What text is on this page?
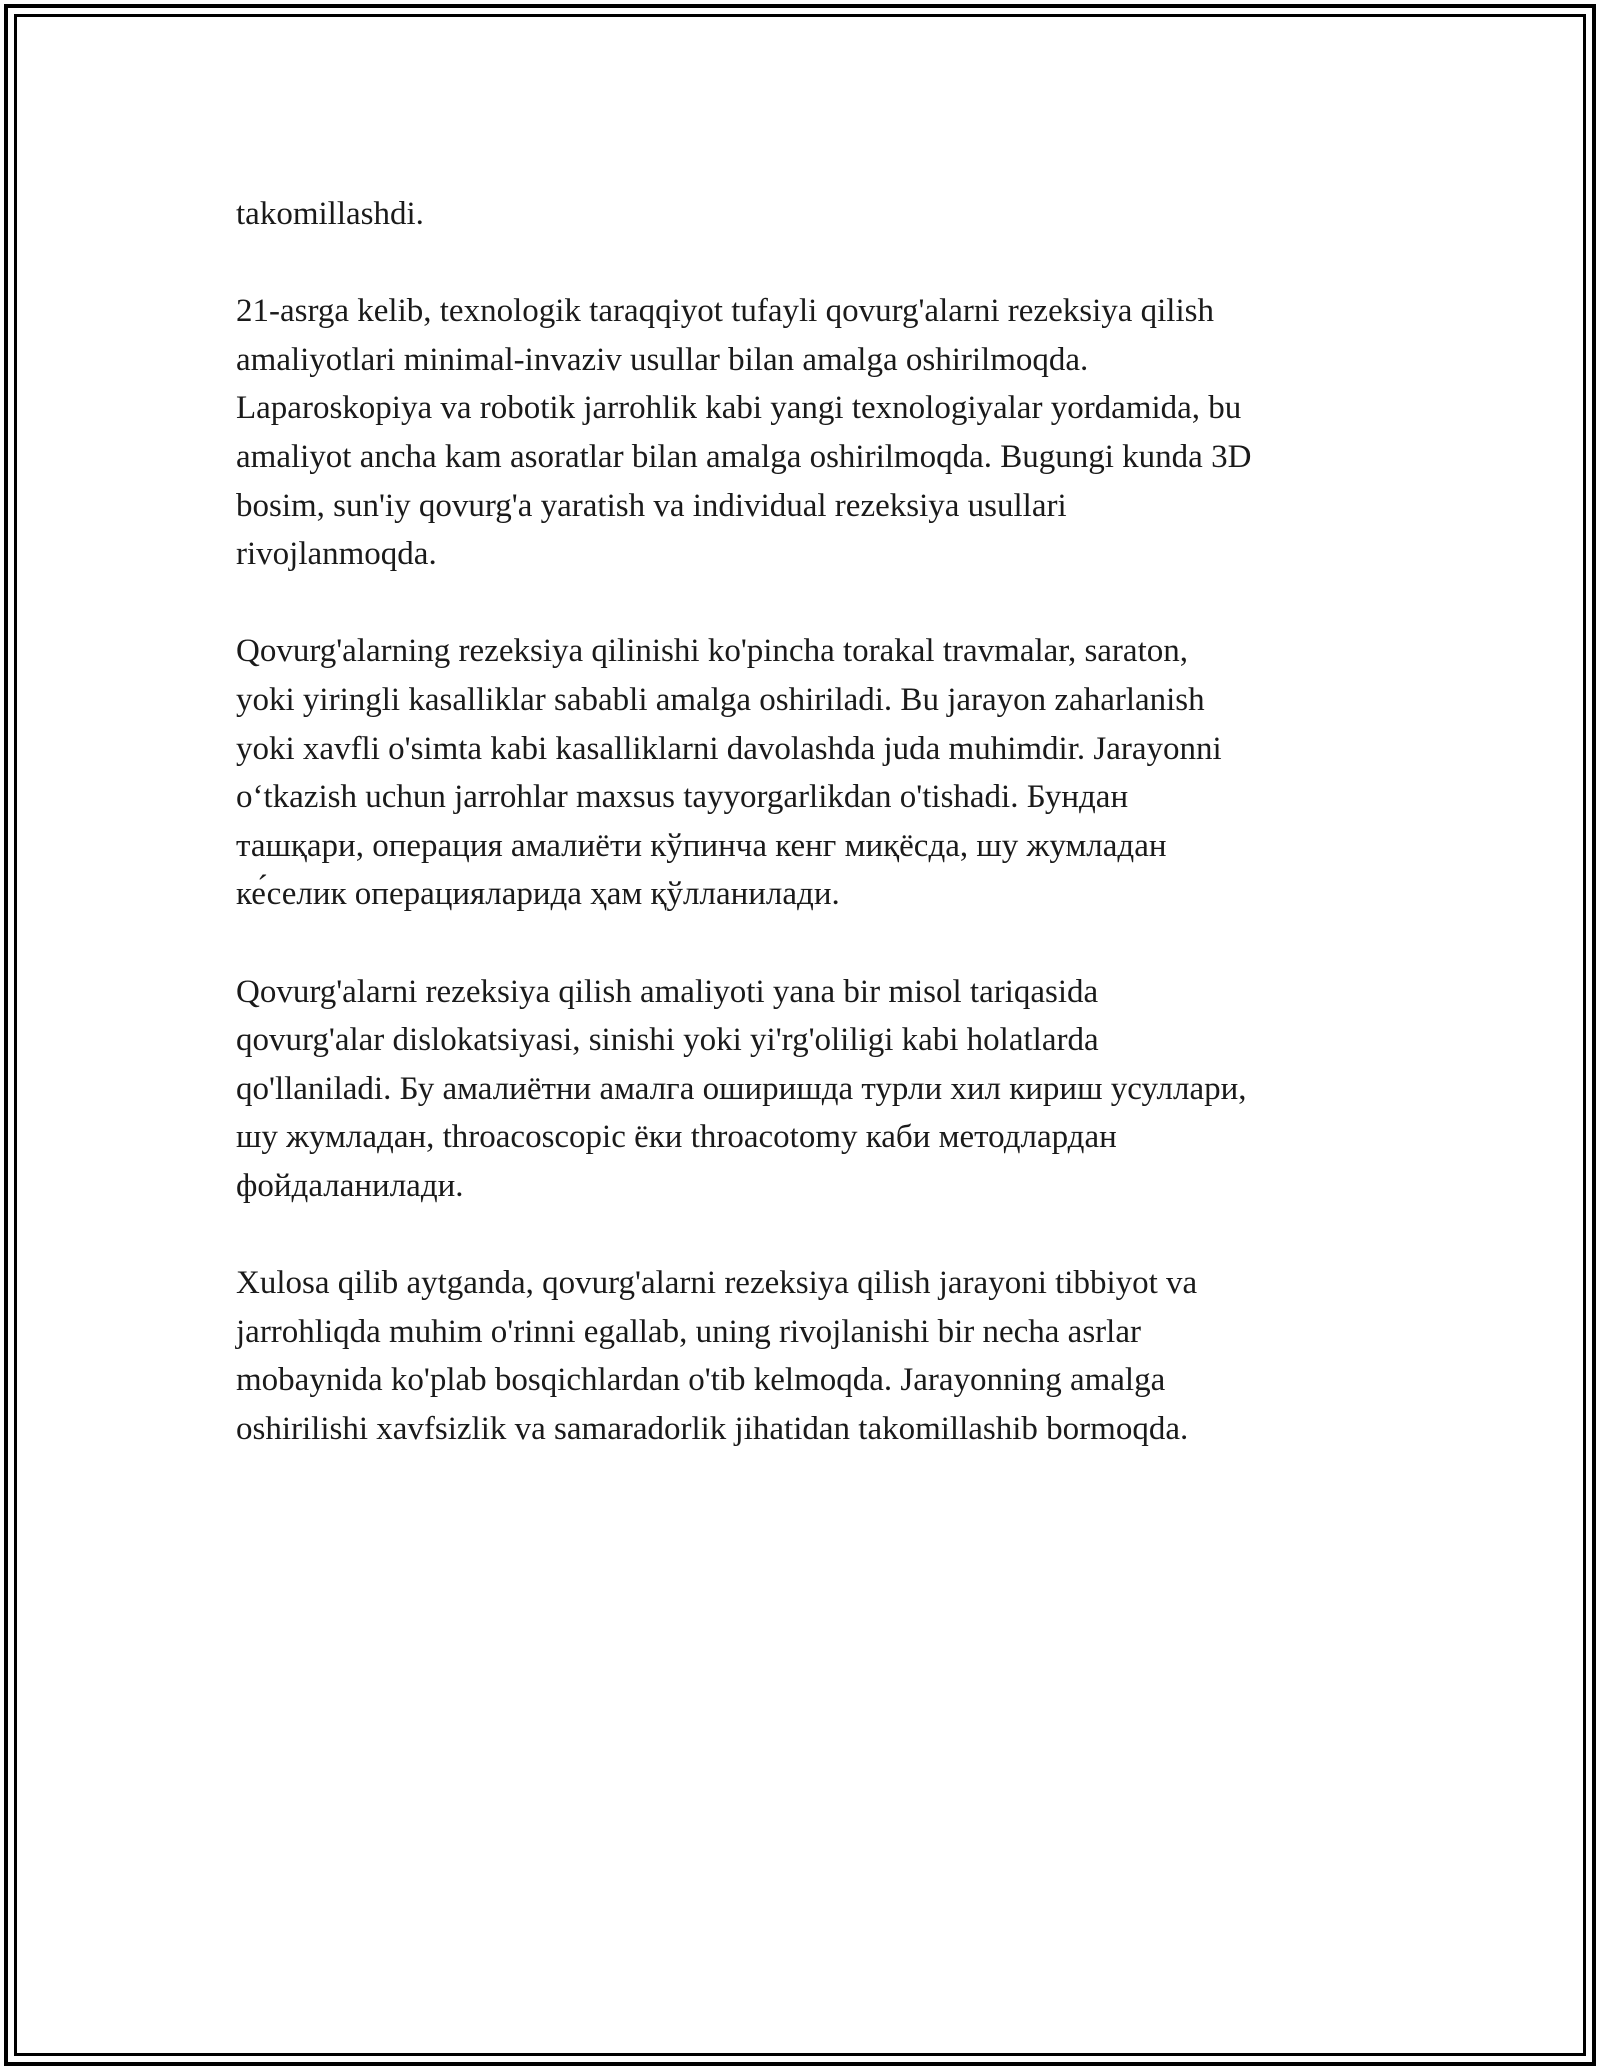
takomillashdi.

21-asrga kelib, texnologik taraqqiyot tufayli qovurg'alarni rezeksiya qilish
amaliyotlari minimal-invaziv usullar bilan amalga oshirilmoqda.
Laparoskopiya va robotik jarrohlik kabi yangi texnologiyalar yordamida, bu
amaliyot ancha kam asoratlar bilan amalga oshirilmoqda. Bugungi kunda 3D
bosim, sun'iy qovurg'a yaratish va individual rezeksiya usullari
rivojlanmoqda.

Qovurg'alarning rezeksiya qilinishi ko'pincha torakal travmalar, saraton,
yoki yiringli kasalliklar sababli amalga oshiriladi. Bu jarayon zaharlanish
yoki xavfli o'simta kabi kasalliklarni davolashda juda muhimdir. Jarayonni
oʻtkazish uchun jarrohlar maxsus tayyorgarlikdan o'tishadi. Бундан
ташқари, операция амалиёти кўпинча кенг миқёсда, шу жумладан
ке́селик операцияларида ҳам қўлланилади.

Qovurg'alarni rezeksiya qilish amaliyoti yana bir misol tariqasida
qovurg'alar dislokatsiyasi, sinishi yoki yi'rg'oliligi kabi holatlarda
qo'llaniladi. Бу амалиётни амалга оширишда турли хил кириш усуллари,
шу жумладан, throacoscopic ёки throacotomy каби методлардан
фойдаланилади.

Xulosa qilib aytganda, qovurg'alarni rezeksiya qilish jarayoni tibbiyot va
jarrohliqda muhim o'rinni egallab, uning rivojlanishi bir necha asrlar
mobaynida ko'plab bosqichlardan o'tib kelmoqda. Jarayonning amalga
oshirilishi xavfsizlik va samaradorlik jihatidan takomillashib bormoqda.
